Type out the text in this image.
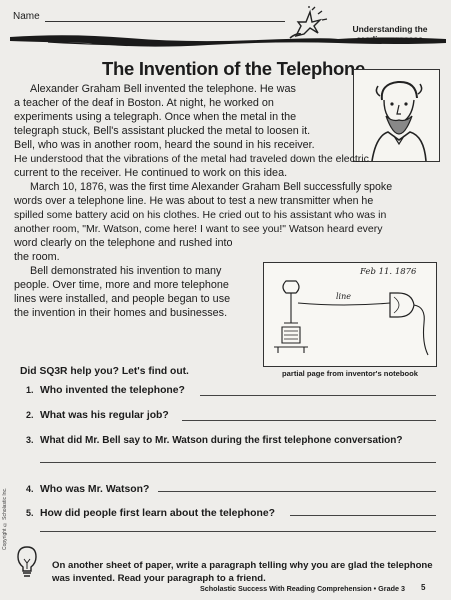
Name
Understanding the
The Invention of the Telephone
Alexander Graham Bell invented the telephone. He was
a teacher of the deaf in Boston. At night, he worked on
experiments using a telegraph. Once when the metal in the
telegraph stuck, Bell's assistant plucked the metal to loosen it.
Bell, who was in another room, heard the sound in his receiver.
He understood that the vibrations of the metal had traveled down the electric
current to the receiver. He continued to work on this idea.
March 10, 1876, was the first time Alexander Graham Bell successfully spoke
words over a telephone line. He was about to test a new transmitter when he
spilled some battery acid on his clothes. He cried out to his assistant who was in
another room, "Mr. Watson, come here! I want to see you!" Watson heard every
word clearly on the telephone and rushed into
the room.
Bell demonstrated his invention to many
people. Over time, more and more telephone
lines were installed, and people began to use
the invention in their homes and businesses.
Feb 11. 1876
line
partial page from inventor's notebook
Did SQ3R help you? Let's find out.
1. Who invented the telephone?
2. What was his regular job?
3. What did Mr. Bell say to Mr. Watson during the first telephone conversation?
4. Who was Mr. Watson?
5. How did people first learn about the telephone?
Copyright © Scholastic Inc.
On another sheet of paper, write a paragraph telling why you are glad the telephone
was invented. Read your paragraph to a friend.
Scholastic Success With Reading Comprehension • Grade 3 5
